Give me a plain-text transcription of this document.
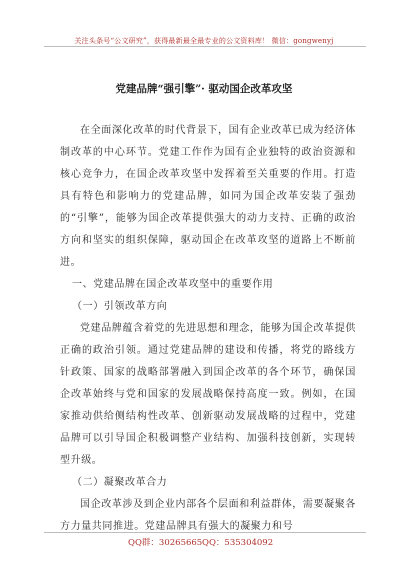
关注头条号“公文研究”，获得最新最全最专业的公文资料库！ 微信：gongwenyj
党建品牌“强引擎”· 驱动国企改革攻坚

在全面深化改革的时代背景下，国有企业改革已成为经济体制改革的中心环节。党建工作作为国有企业独特的政治资源和核心竞争力，在国企改革攻坚中发挥着至关重要的作用。打造具有特色和影响力的党建品牌，如同为国企改革安装了强劲的“引擎”，能够为国企改革提供强大的动力支持、正确的政治方向和坚实的组织保障，驱动国企在改革攻坚的道路上不断前进。

一、党建品牌在国企改革攻坚中的重要作用

（一）引领改革方向

党建品牌蕴含着党的先进思想和理念，能够为国企改革提供正确的政治引领。通过党建品牌的建设和传播，将党的路线方针政策、国家的战略部署融入到国企改革的各个环节，确保国企改革始终与党和国家的发展战略保持高度一致。例如，在国家推动供给侧结构性改革、创新驱动发展战略的过程中，党建品牌可以引导国企积极调整产业结构、加强科技创新，实现转型升级。

（二）凝聚改革合力

国企改革涉及到企业内部各个层面和利益群体，需要凝聚各方力量共同推进。党建品牌具有强大的凝聚力和号

QQ群：30265665 QQ：535304092
